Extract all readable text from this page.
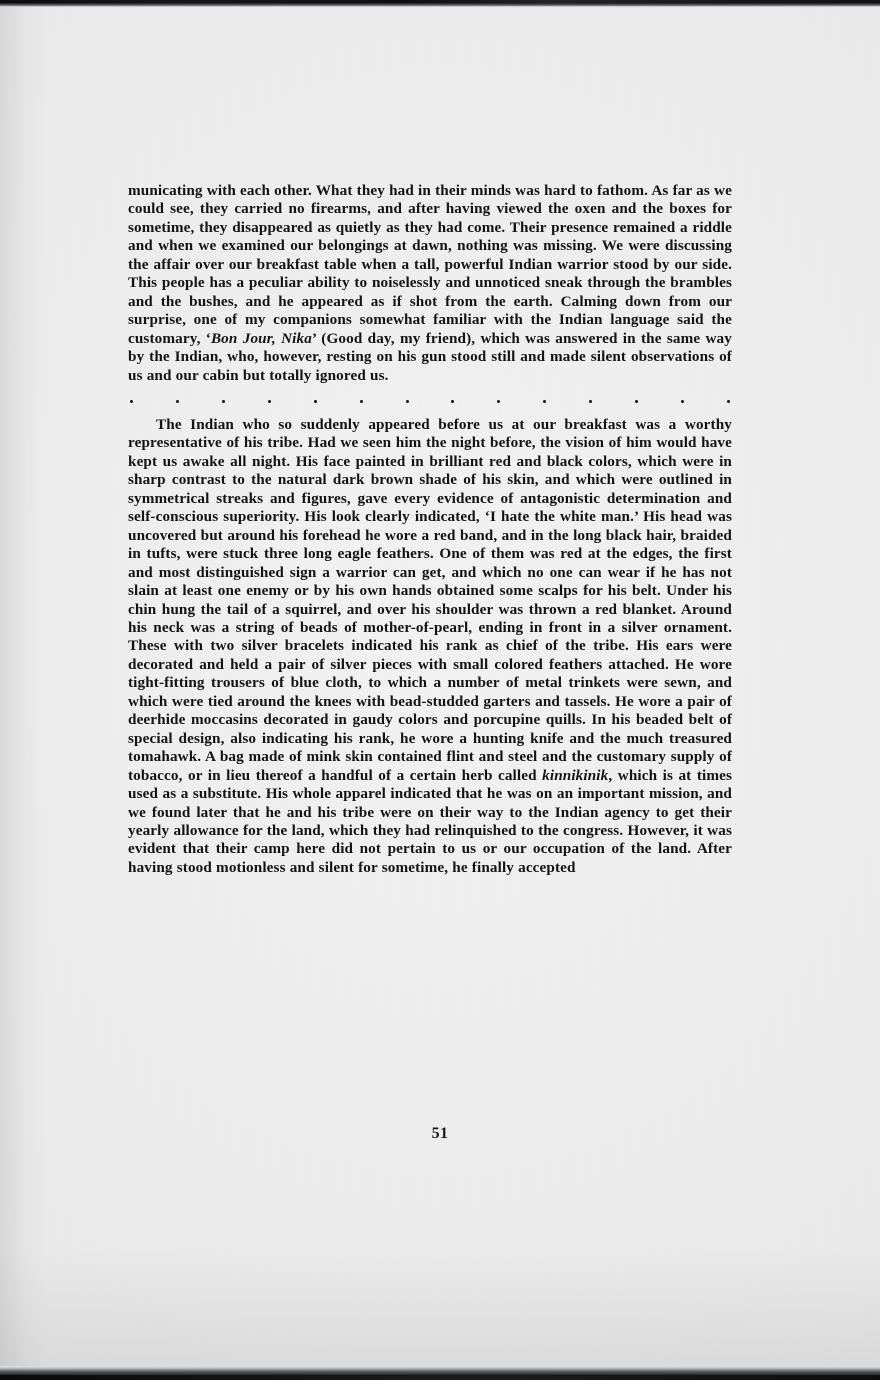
municating with each other. What they had in their minds was hard to fathom. As far as we could see, they carried no firearms, and after having viewed the oxen and the boxes for sometime, they disappeared as quietly as they had come. Their presence remained a riddle and when we examined our belongings at dawn, nothing was missing. We were discussing the affair over our breakfast table when a tall, powerful Indian warrior stood by our side. This people has a peculiar ability to noiselessly and unnoticed sneak through the brambles and the bushes, and he appeared as if shot from the earth. Calming down from our surprise, one of my companions somewhat familiar with the Indian language said the customary, ‘Bon Jour, Nika’ (Good day, my friend), which was answered in the same way by the Indian, who, however, resting on his gun stood still and made silent observations of us and our cabin but totally ignored us.

The Indian who so suddenly appeared before us at our breakfast was a worthy representative of his tribe. Had we seen him the night before, the vision of him would have kept us awake all night. His face painted in brilliant red and black colors, which were in sharp contrast to the natural dark brown shade of his skin, and which were outlined in symmetrical streaks and figures, gave every evidence of antagonistic determination and self-conscious superiority. His look clearly indicated, ‘I hate the white man.’ His head was uncovered but around his forehead he wore a red band, and in the long black hair, braided in tufts, were stuck three long eagle feathers. One of them was red at the edges, the first and most distinguished sign a warrior can get, and which no one can wear if he has not slain at least one enemy or by his own hands obtained some scalps for his belt. Under his chin hung the tail of a squirrel, and over his shoulder was thrown a red blanket. Around his neck was a string of beads of mother-of-pearl, ending in front in a silver ornament. These with two silver bracelets indicated his rank as chief of the tribe. His ears were decorated and held a pair of silver pieces with small colored feathers attached. He wore tight-fitting trousers of blue cloth, to which a number of metal trinkets were sewn, and which were tied around the knees with bead-studded garters and tassels. He wore a pair of deerhide moccasins decorated in gaudy colors and porcupine quills. In his beaded belt of special design, also indicating his rank, he wore a hunting knife and the much treasured tomahawk. A bag made of mink skin contained flint and steel and the customary supply of tobacco, or in lieu thereof a handful of a certain herb called kinnikinik, which is at times used as a substitute. His whole apparel indicated that he was on an important mission, and we found later that he and his tribe were on their way to the Indian agency to get their yearly allowance for the land, which they had relinquished to the congress. However, it was evident that their camp here did not pertain to us or our occupation of the land. After having stood motionless and silent for sometime, he finally accepted

51
